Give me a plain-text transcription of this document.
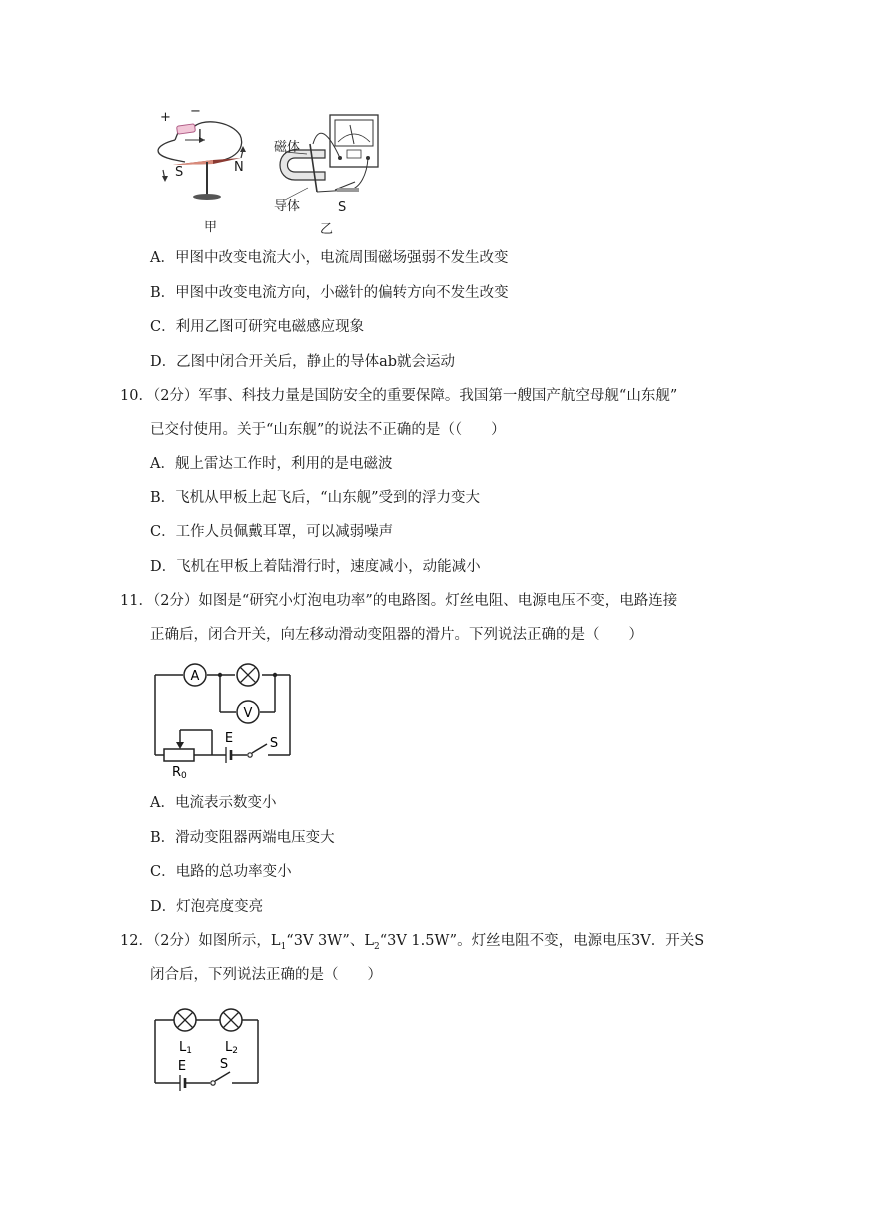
+ −
I
S	N
磁体
导体	S
甲	乙
A．甲图中改变电流大小，电流周围磁场强弱不发生改变
B．甲图中改变电流方向，小磁针的偏转方向不发生改变
C．利用乙图可研究电磁感应现象
D．乙图中闭合开关后，静止的导体ab就会运动
10．（2分）军事、科技力量是国防安全的重要保障。我国第一艘国产航空母舰“山东舰”
已交付使用。关于“山东舰”的说法不正确的是（（　　）
A．舰上雷达工作时，利用的是电磁波
B．飞机从甲板上起飞后，“山东舰”受到的浮力变大
C．工作人员佩戴耳罩，可以减弱噪声
D．飞机在甲板上着陆滑行时，速度减小，动能减小
11．（2分）如图是“研究小灯泡电功率”的电路图。灯丝电阻、电源电压不变，电路连接
正确后，闭合开关，向左移动滑动变阻器的滑片。下列说法正确的是（　　）
A
V
E	S
R0
A．电流表示数变小
B．滑动变阻器两端电压变大
C．电路的总功率变小
D．灯泡亮度变亮
12．（2分）如图所示，$L_1“3V$ 3W”、$L_2“3V$ 1.5W”。灯丝电阻不变，电源电压3V．开关S
闭合后，下列说法正确的是（　　）
L1	L2
E	S
